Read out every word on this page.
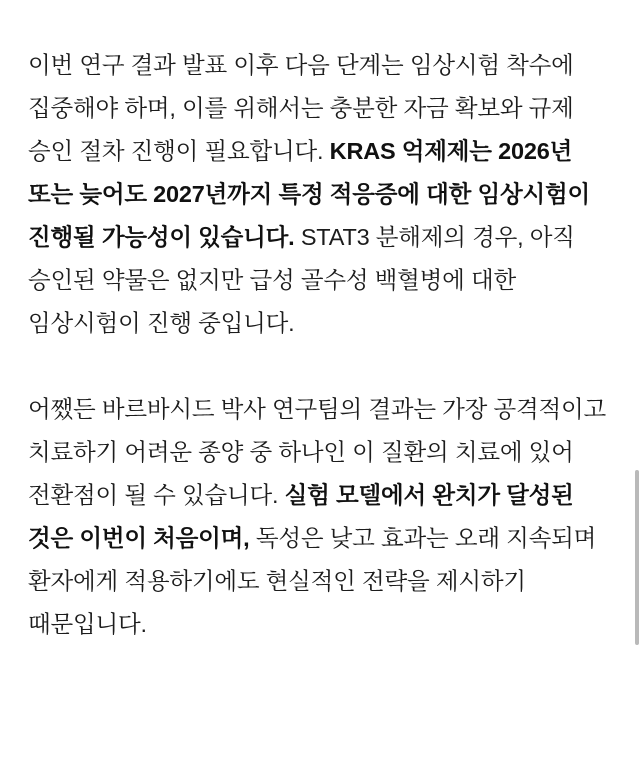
이번 연구 결과 발표 이후 다음 단계는 임상시험 착수에 집중해야 하며, 이를 위해서는 충분한 자금 확보와 규제 승인 절차 진행이 필요합니다. KRAS 억제제는 2026년 또는 늦어도 2027년까지 특정 적응증에 대한 임상시험이 진행될 가능성이 있습니다. STAT3 분해제의 경우, 아직 승인된 약물은 없지만 급성 골수성 백혈병에 대한 임상시험이 진행 중입니다.

어쨌든 바르바시드 박사 연구팀의 결과는 가장 공격적이고 치료하기 어려운 종양 중 하나인 이 질환의 치료에 있어 전환점이 될 수 있습니다. 실험 모델에서 완치가 달성된 것은 이번이 처음이며, 독성은 낮고 효과는 오래 지속되며 환자에게 적용하기에도 현실적인 전략을 제시하기 때문입니다.
